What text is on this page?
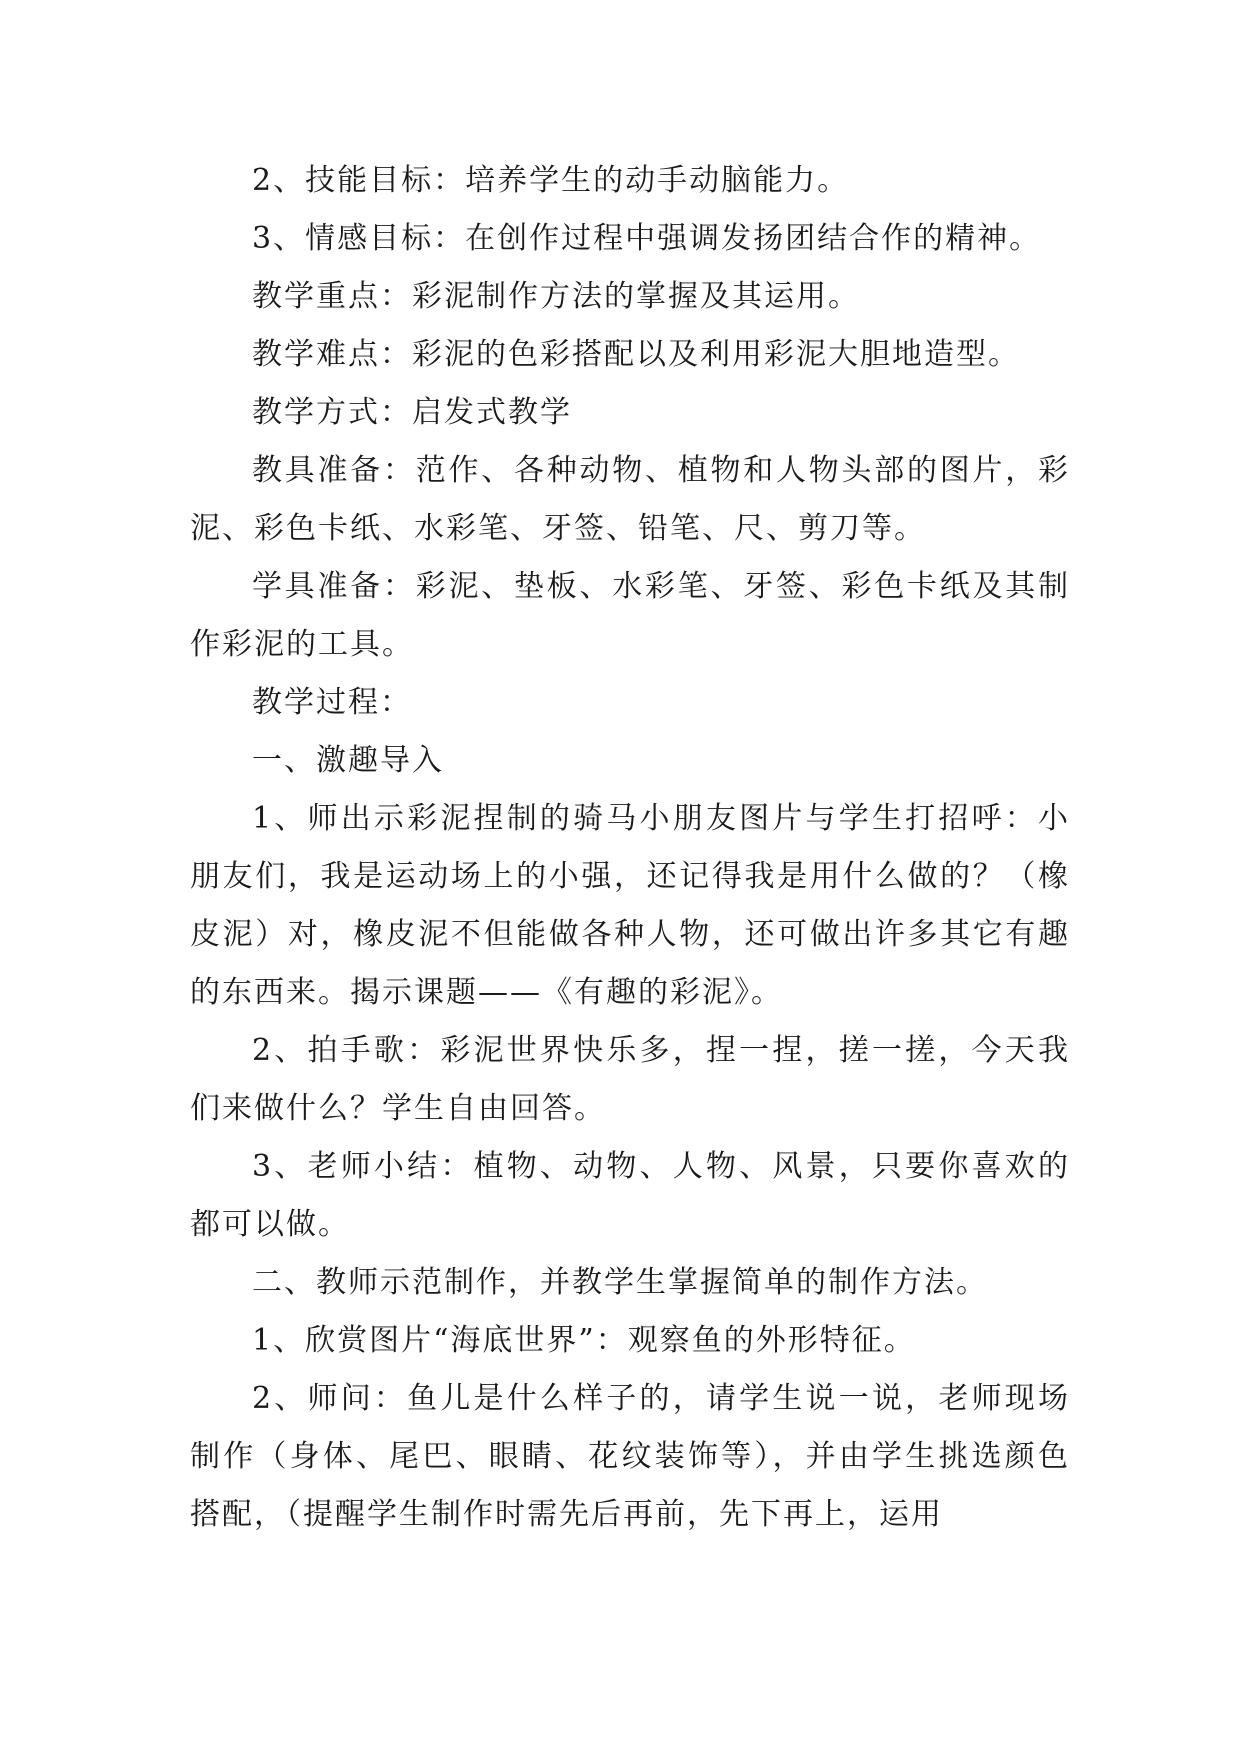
2、技能目标：培养学生的动手动脑能力。

3、情感目标：在创作过程中强调发扬团结合作的精神。

教学重点：彩泥制作方法的掌握及其运用。

教学难点：彩泥的色彩搭配以及利用彩泥大胆地造型。

教学方式：启发式教学

教具准备：范作、各种动物、植物和人物头部的图片，彩泥、彩色卡纸、水彩笔、牙签、铅笔、尺、剪刀等。

学具准备：彩泥、垫板、水彩笔、牙签、彩色卡纸及其制作彩泥的工具。

教学过程：

一、激趣导入

1、师出示彩泥捏制的骑马小朋友图片与学生打招呼：小朋友们，我是运动场上的小强，还记得我是用什么做的？（橡皮泥）对，橡皮泥不但能做各种人物，还可做出许多其它有趣的东西来。揭示课题——《有趣的彩泥》。

2、拍手歌：彩泥世界快乐多，捏一捏，搓一搓，今天我们来做什么？学生自由回答。

3、老师小结：植物、动物、人物、风景，只要你喜欢的都可以做。

二、教师示范制作，并教学生掌握简单的制作方法。

1、欣赏图片“海底世界”：观察鱼的外形特征。

2、师问：鱼儿是什么样子的，请学生说一说，老师现场制作（身体、尾巴、眼睛、花纹装饰等），并由学生挑选颜色搭配，（提醒学生制作时需先后再前，先下再上，运用
